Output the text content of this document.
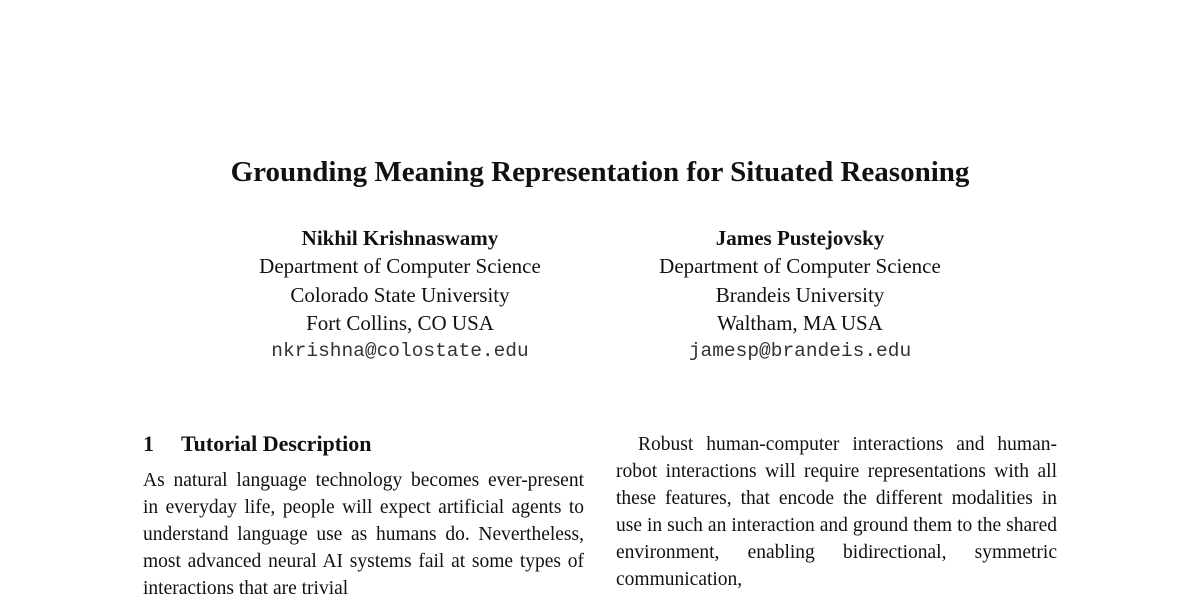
Grounding Meaning Representation for Situated Reasoning
Nikhil Krishnaswamy
Department of Computer Science
Colorado State University
Fort Collins, CO USA
nkrishna@colostate.edu
James Pustejovsky
Department of Computer Science
Brandeis University
Waltham, MA USA
jamesp@brandeis.edu
1 Tutorial Description

As natural language technology becomes ever-present in everyday life, people will expect artificial agents to understand language use as humans do. Nevertheless, most advanced neural AI systems fail at some types of interactions that are trivial

Robust human-computer interactions and human-robot interactions will require representations with all these features, that encode the different modalities in use in such an interaction and ground them to the shared environment, enabling bidirectional, symmetric communication,
